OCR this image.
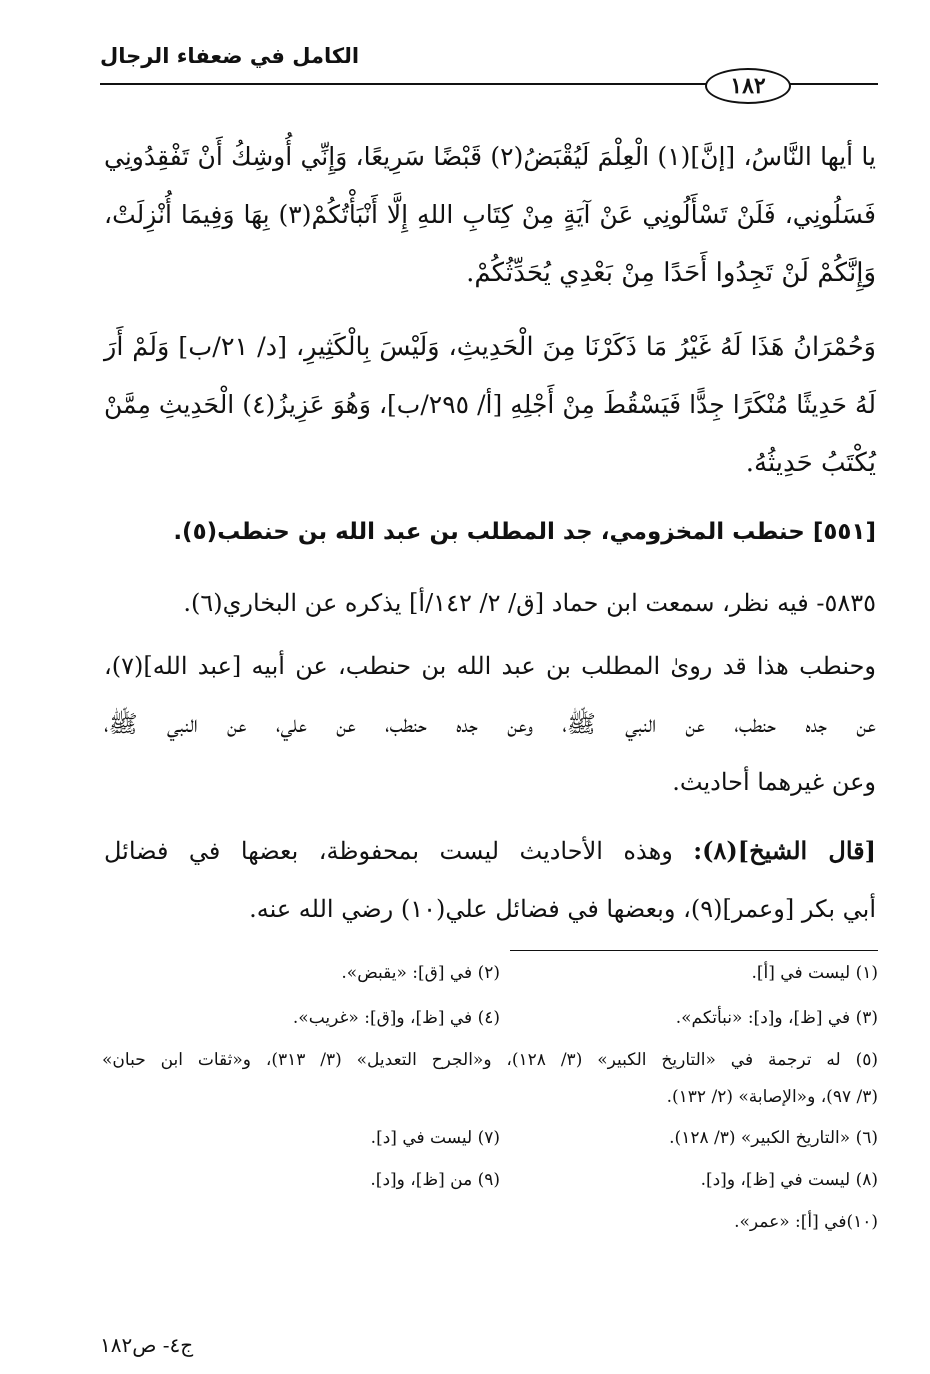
الكامل في ضعفاء الرجال
١٨٢
يا أيها النَّاسُ، [إنَّ](١) الْعِلْمَ لَيُقْبَضُ(٢) قَبْضًا سَرِيعًا، وَإِنِّي أُوشِكُ أَنْ تَفْقِدُونِي
فَسَلُونِي، فَلَنْ تَسْأَلُونِي عَنْ آيَةٍ مِنْ كِتَابِ اللهِ إِلَّا أَنْبَأْتُكُمْ(٣) بِهَا وَفِيمَا أُنْزِلَتْ،
وَإِنَّكُمْ لَنْ تَجِدُوا أَحَدًا مِنْ بَعْدِي يُحَدِّثُكُمْ.
وَحُمْرَانُ هَذَا لَهُ غَيْرُ مَا ذَكَرْنَا مِنَ الْحَدِيثِ، وَلَيْسَ بِالْكَثِيرِ، [د/ ٢١/ب] وَلَمْ أَرَ
لَهُ حَدِيثًا مُنْكَرًا جِدًّا فَيَسْقُطَ مِنْ أَجْلِهِ [أ/ ٢٩٥/ب]، وَهُوَ عَزِيزُ(٤) الْحَدِيثِ مِمَّنْ
يُكْتَبُ حَدِيثُهُ.
[٥٥١] حنطب المخزومي، جد المطلب بن عبد الله بن حنطب(٥).
٥٨٣٥- فيه نظر، سمعت ابن حماد [ق/ ٢/ ١٤٢/أ] يذكره عن البخاري(٦).
وحنطب هذا قد روىٰ المطلب بن عبد الله بن حنطب، عن أبيه [عبد الله](٧)،
عن جده حنطب، عن النبي ﷺ، وعن جده حنطب، عن علي، عن النبي ﷺ،
وعن غيرهما أحاديث.
[قال الشيخ](٨): وهذه الأحاديث ليست بمحفوظة، بعضها في فضائل
أبي بكر [وعمر](٩)، وبعضها في فضائل علي(١٠) رضي الله عنه.
(١) ليست في [أ].
(٢) في [ق]: «يقبض».
(٣) في [ظ]، و[د]: «نبأتكم».
(٤) في [ظ]، و[ق]: «غريب».
(٥) له ترجمة في «التاريخ الكبير» (٣/ ١٢٨)، و«الجرح التعديل» (٣/ ٣١٣)، و«ثقات ابن حبان»
(٣/ ٩٧)، و«الإصابة» (٢/ ١٣٢).
(٦) «التاريخ الكبير» (٣/ ١٢٨).
(٧) ليست في [د].
(٨) ليست في [ظ]، و[د].
(٩) من [ظ]، و[د].
(١٠)في [أ]: «عمر».
ج٤- ص١٨٢
